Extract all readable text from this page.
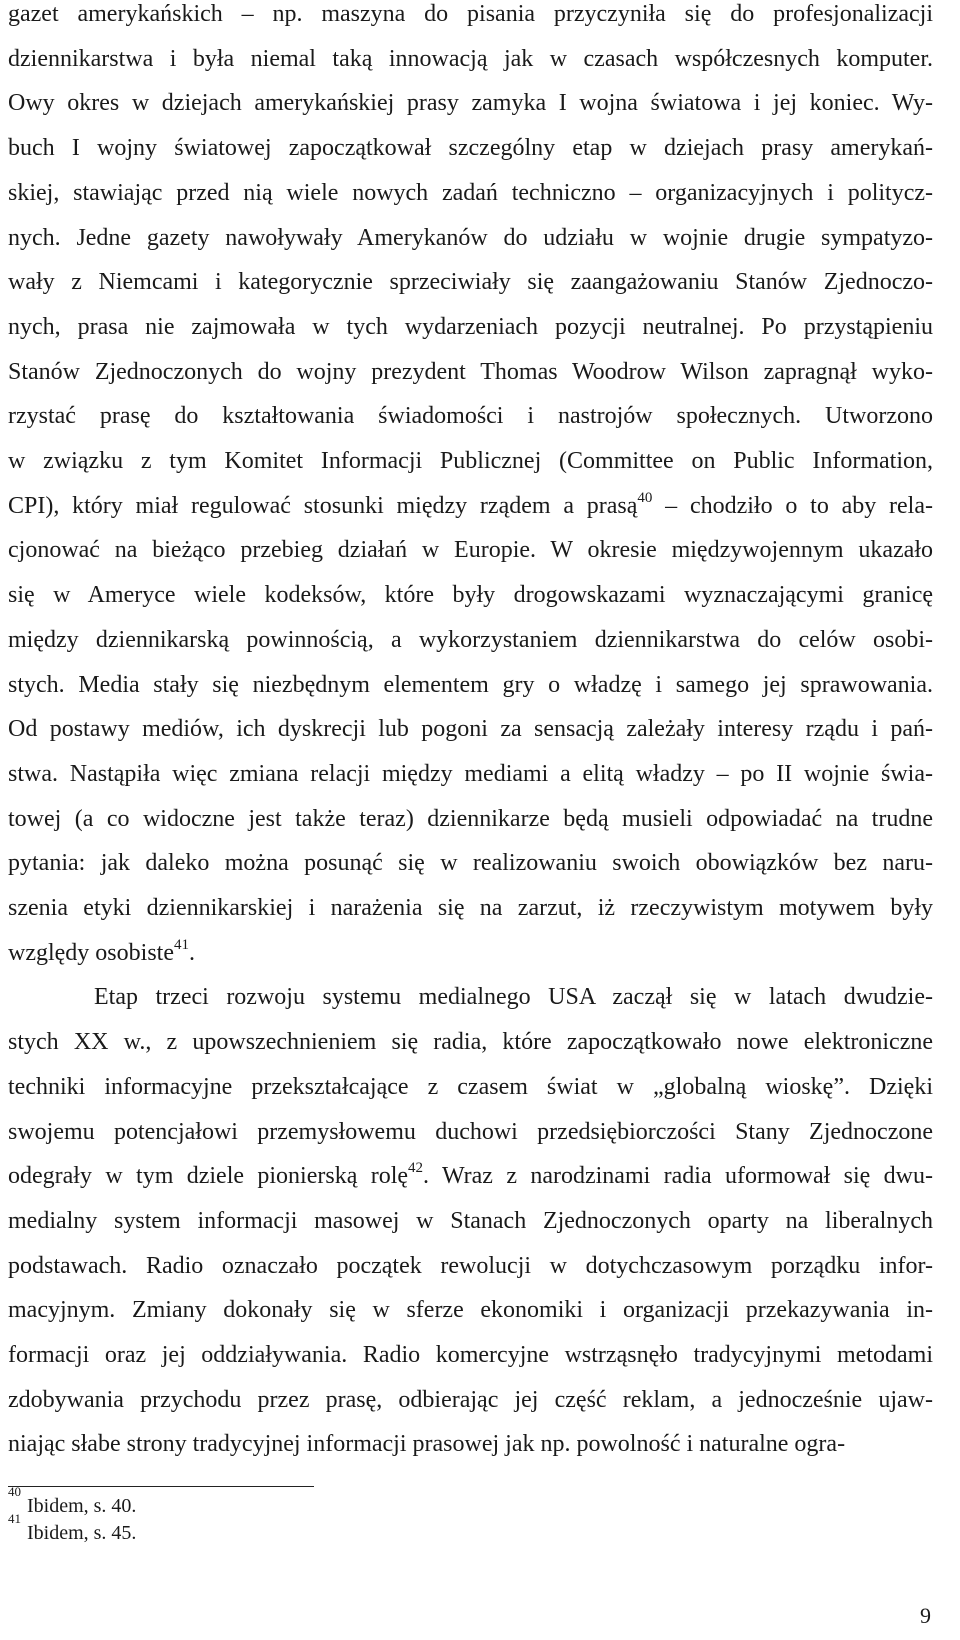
gazet amerykańskich – np. maszyna do pisania przyczyniła się do profesjonalizacji
dziennikarstwa i była niemal taką innowacją jak w czasach współczesnych komputer.
Owy okres w dziejach amerykańskiej prasy zamyka I wojna światowa i jej koniec. Wy-
buch I wojny światowej zapoczątkował szczególny etap w dziejach prasy amerykań-
skiej, stawiając przed nią wiele nowych zadań techniczno – organizacyjnych i politycz-
nych. Jedne gazety nawoływały Amerykanów do udziału w wojnie drugie sympatyzo-
wały z Niemcami i kategorycznie sprzeciwiały się zaangażowaniu Stanów Zjednoczo-
nych, prasa nie zajmowała w tych wydarzeniach pozycji neutralnej. Po przystąpieniu
Stanów Zjednoczonych do wojny prezydent Thomas Woodrow Wilson zapragnął wyko-
rzystać prasę do kształtowania świadomości i nastrojów społecznych. Utworzono
w związku z tym Komitet Informacji Publicznej (Committee on Public Information,
CPI), który miał regulować stosunki między rządem a prasą$^{40}$ – chodziło o to aby rela-
cjonować na bieżąco przebieg działań w Europie. W okresie międzywojennym ukazało
się w Ameryce wiele kodeksów, które były drogowskazami wyznaczającymi granicę
między dziennikarską powinnością, a wykorzystaniem dziennikarstwa do celów osobi-
stych. Media stały się niezbędnym elementem gry o władzę i samego jej sprawowania.
Od postawy mediów, ich dyskrecji lub pogoni za sensacją zależały interesy rządu i pań-
stwa. Nastąpiła więc zmiana relacji między mediami a elitą władzy – po II wojnie świa-
towej (a co widoczne jest także teraz) dziennikarze będą musieli odpowiadać na trudne
pytania: jak daleko można posunąć się w realizowaniu swoich obowiązków bez naru-
szenia etyki dziennikarskiej i narażenia się na zarzut, iż rzeczywistym motywem były
względy osobiste$^{41}$.
Etap trzeci rozwoju systemu medialnego USA zaczął się w latach dwudzie-
stych XX w., z upowszechnieniem się radia, które zapoczątkowało nowe elektroniczne
techniki informacyjne przekształcające z czasem świat w „globalną wioskę”. Dzięki
swojemu potencjałowi przemysłowemu duchowi przedsiębiorczości Stany Zjednoczone
odegrały w tym dziele pionierską rolę$^{42}$. Wraz z narodzinami radia uformował się dwu-
medialny system informacji masowej w Stanach Zjednoczonych oparty na liberalnych
podstawach. Radio oznaczało początek rewolucji w dotychczasowym porządku infor-
macyjnym. Zmiany dokonały się w sferze ekonomiki i organizacji przekazywania in-
formacji oraz jej oddziaływania. Radio komercyjne wstrząsnęło tradycyjnymi metodami
zdobywania przychodu przez prasę, odbierając jej część reklam, a jednocześnie ujaw-
niając słabe strony tradycyjnej informacji prasowej jak np. powolność i naturalne ogra-
$^{40}$Ibidem, s. 40.
$^{41}$Ibidem, s. 45.
9
